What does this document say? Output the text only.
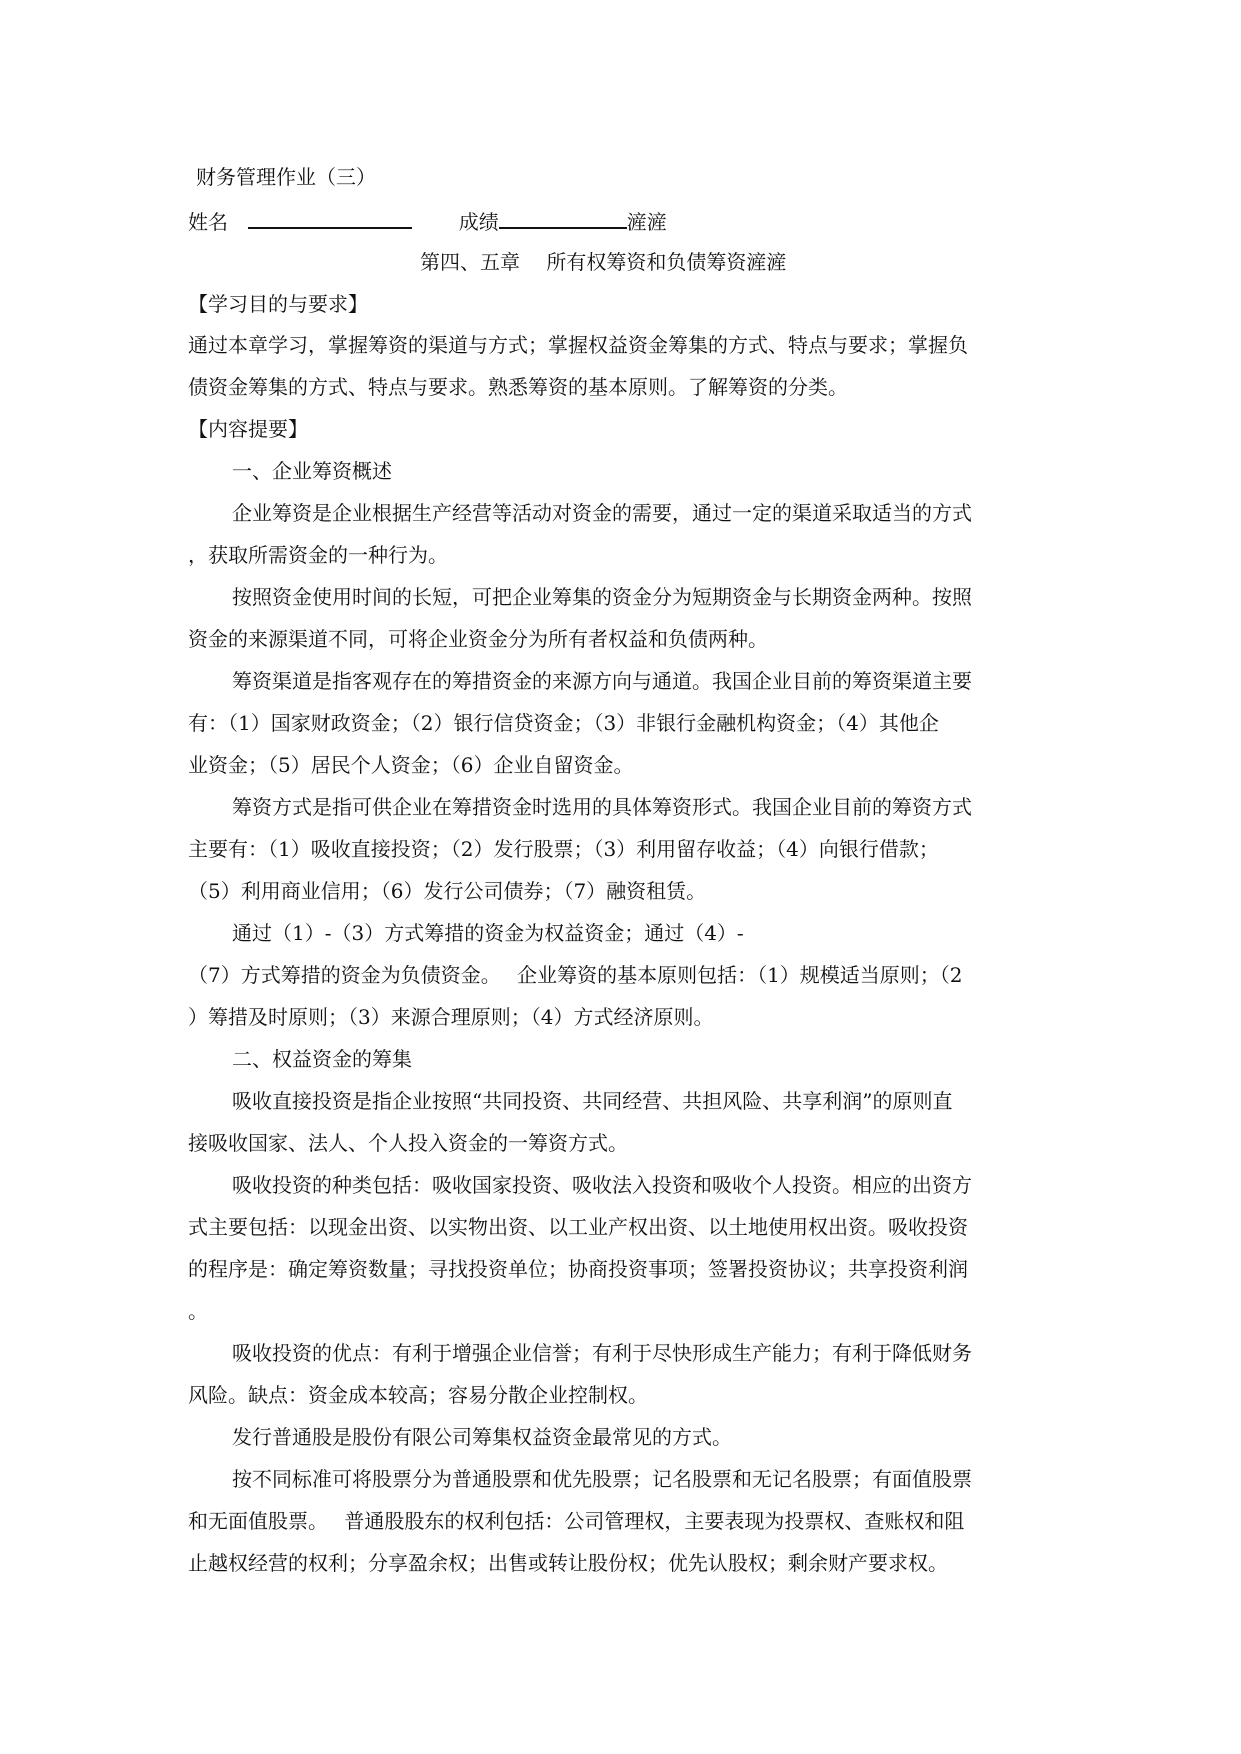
财务管理作业（三）
姓名	成绩	滻滻
第四、五章　 所有权筹资和负债筹资滻滻
【学习目的与要求】
通过本章学习，掌握筹资的渠道与方式；掌握权益资金筹集的方式、特点与要求；掌握负
债资金筹集的方式、特点与要求。熟悉筹资的基本原则。了解筹资的分类。
【内容提要】
一、企业筹资概述
企业筹资是企业根据生产经营等活动对资金的需要，通过一定的渠道采取适当的方式
，获取所需资金的一种行为。
按照资金使用时间的长短，可把企业筹集的资金分为短期资金与长期资金两种。按照
资金的来源渠道不同，可将企业资金分为所有者权益和负债两种。
筹资渠道是指客观存在的筹措资金的来源方向与通道。我国企业目前的筹资渠道主要
有：（1）国家财政资金；（2）银行信贷资金；（3）非银行金融机构资金；（4）其他企
业资金；（5）居民个人资金；（6）企业自留资金。
筹资方式是指可供企业在筹措资金时选用的具体筹资形式。我国企业目前的筹资方式
主要有：（1）吸收直接投资；（2）发行股票；（3）利用留存收益；（4）向银行借款；
（5）利用商业信用；（6）发行公司债券；（7）融资租赁。
通过（1）-（3）方式筹措的资金为权益资金；通过（4）-
（7）方式筹措的资金为负债资金。　 企业筹资的基本原则包括：（1）规模适当原则；（2
）筹措及时原则；（3）来源合理原则；（4）方式经济原则。
二、权益资金的筹集
吸收直接投资是指企业按照“共同投资、共同经营、共担风险、共享利润”的原则直
接吸收国家、法人、个人投入资金的一筹资方式。
吸收投资的种类包括：吸收国家投资、吸收法入投资和吸收个人投资。相应的出资方
式主要包括：以现金出资、以实物出资、以工业产权出资、以土地使用权出资。吸收投资
的程序是：确定筹资数量；寻找投资单位；协商投资事项；签署投资协议；共享投资利润
。
吸收投资的优点：有利于增强企业信誉；有利于尽快形成生产能力；有利于降低财务
风险。缺点：资金成本较高；容易分散企业控制权。
发行普通股是股份有限公司筹集权益资金最常见的方式。
按不同标准可将股票分为普通股票和优先股票；记名股票和无记名股票；有面值股票
和无面值股票。　 普通股股东的权利包括：公司管理权，主要表现为投票权、查账权和阻
止越权经营的权利；分享盈余权；出售或转让股份权；优先认股权；剩余财产要求权。
